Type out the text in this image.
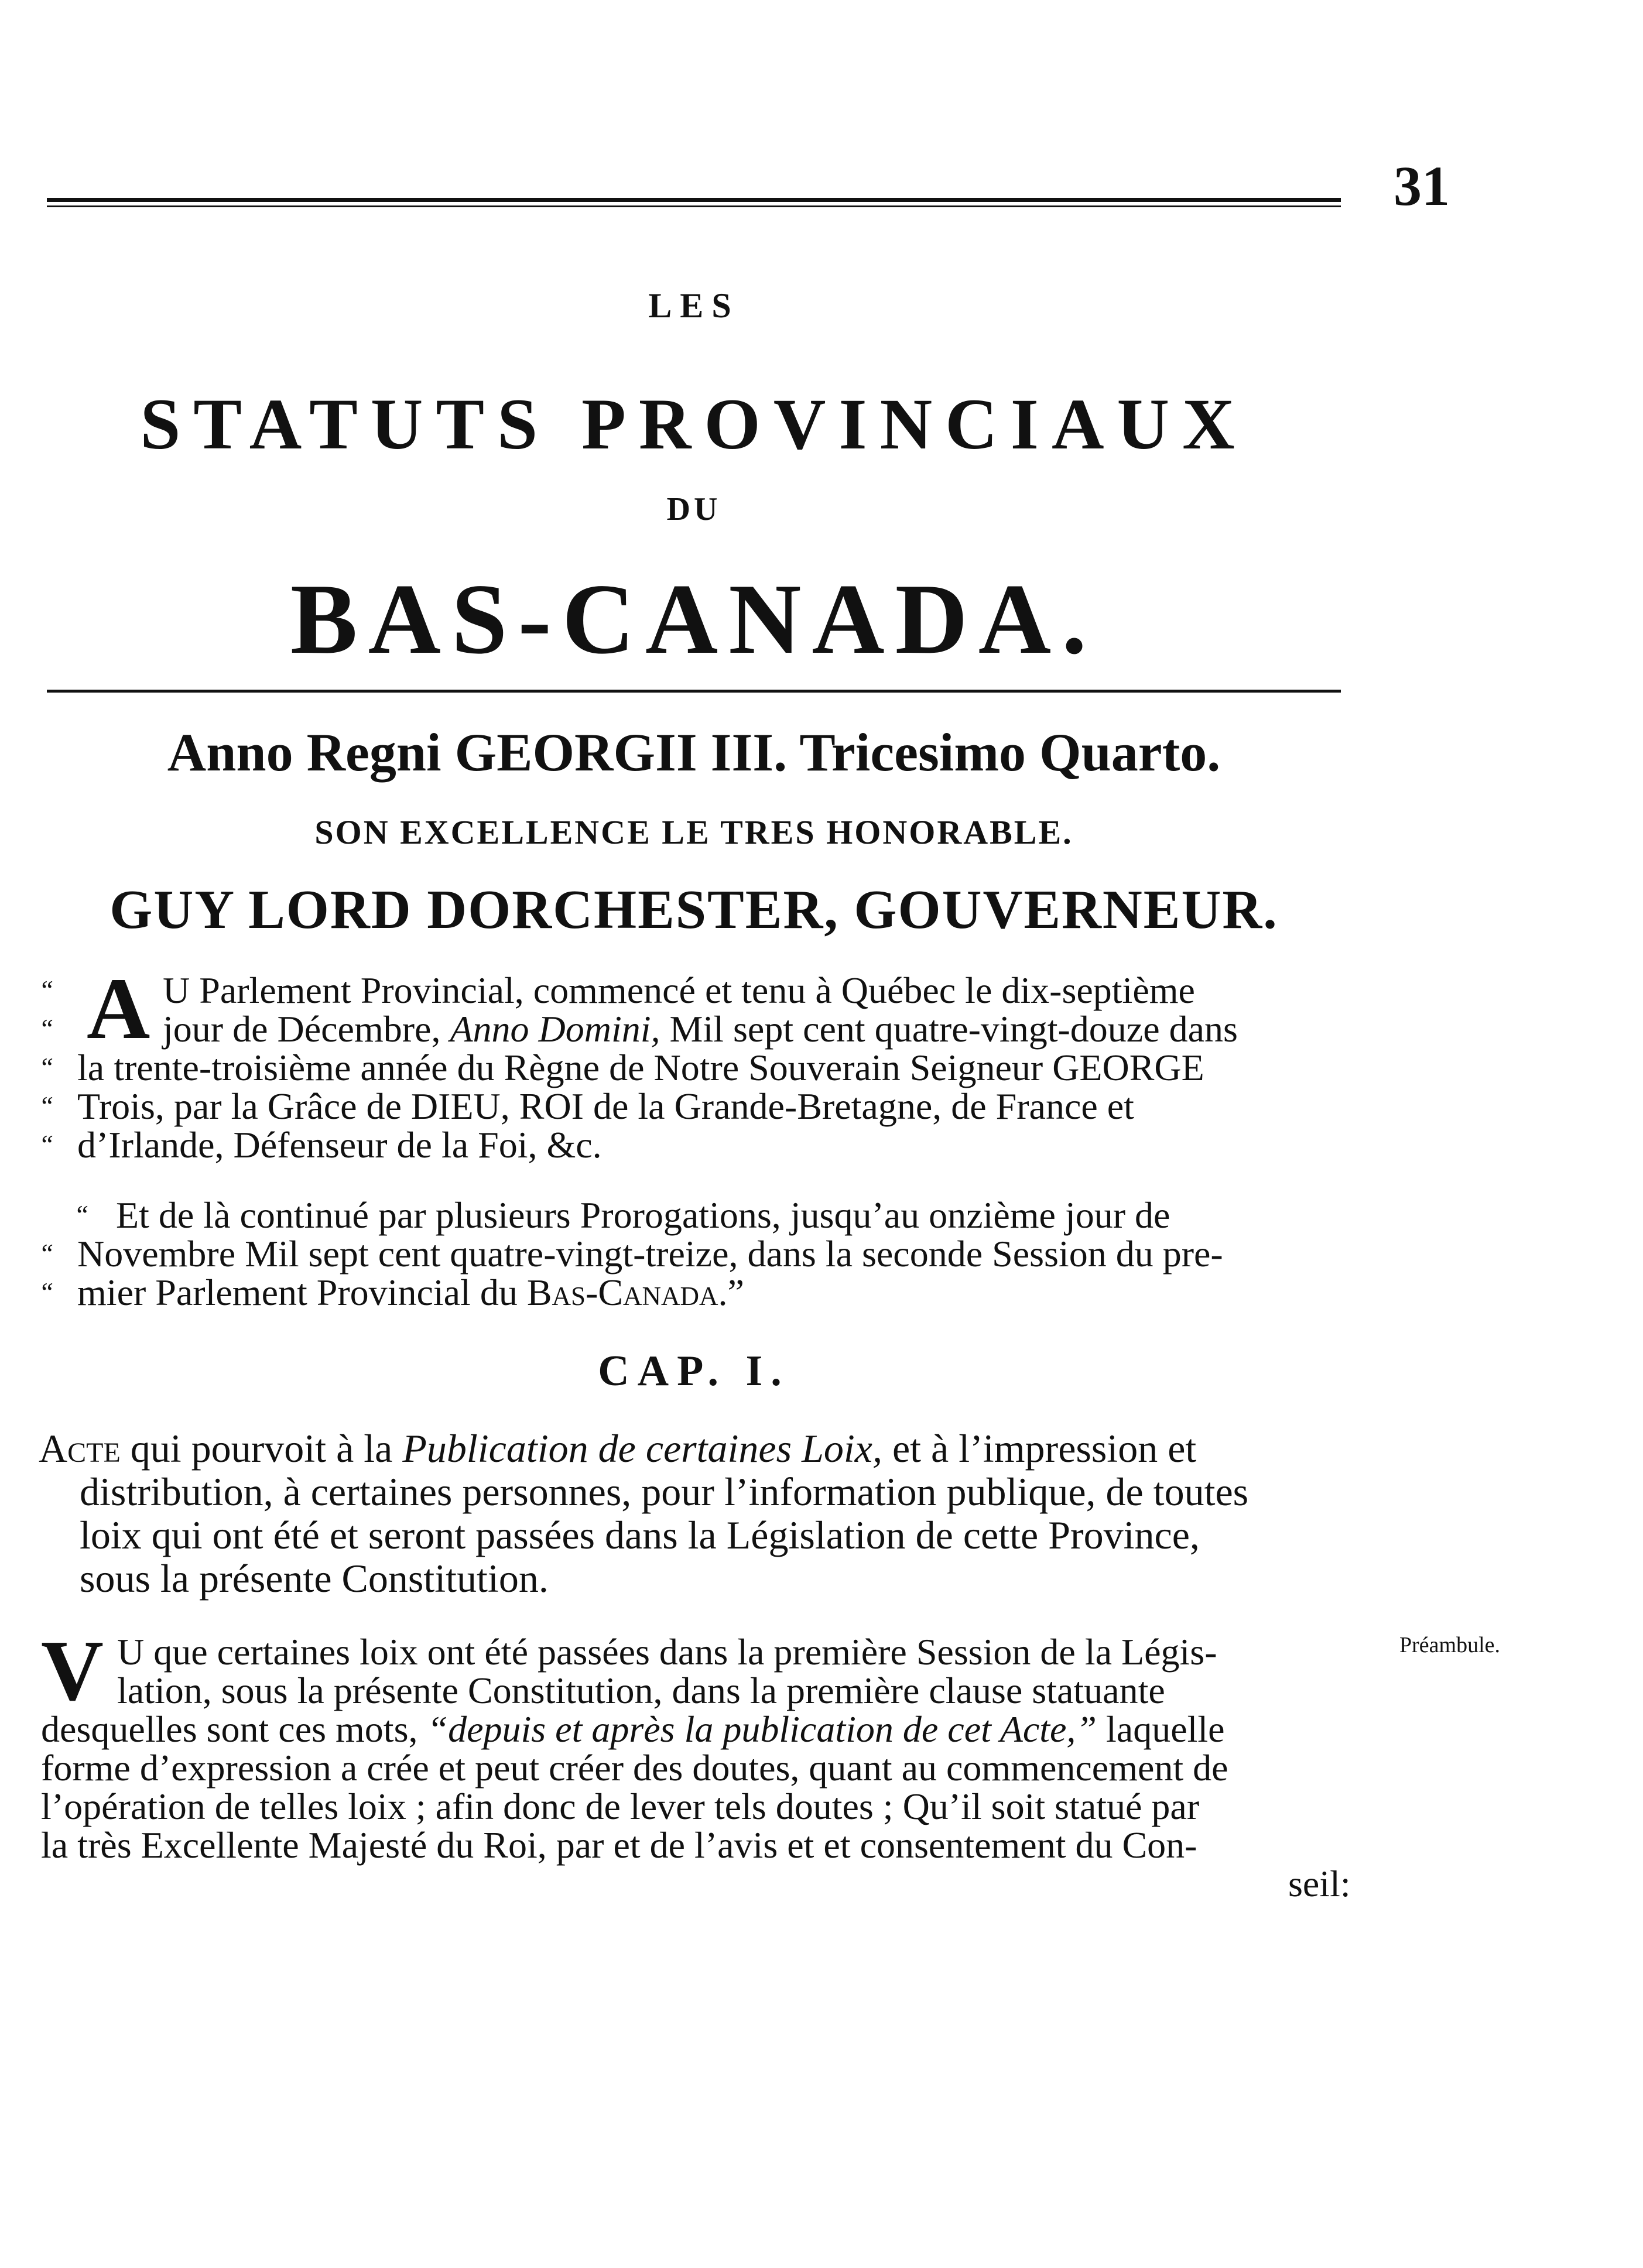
31
LES
STATUTS PROVINCIAUX
DU
BAS-CANADA.
Anno Regni GEORGII III. Tricesimo Quarto.
SON EXCELLENCE LE TRES HONORABLE.
GUY LORD DORCHESTER, GOUVERNEUR.
“
“
“
“
“
A U Parlement Provincial, commencé et tenu à Québec le dix-septième
jour de Décembre, Anno Domini, Mil sept cent quatre-vingt-douze dans
la trente-troisième année du Règne de Notre Souverain Seigneur GEORGE
Trois, par la Grâce de DIEU, ROI de la Grande-Bretagne, de France et
d’Irlande, Défenseur de la Foi, &c.
“
“
“
Et de là continué par plusieurs Prorogations, jusqu’au onzième jour de
Novembre Mil sept cent quatre-vingt-treize, dans la seconde Session du pre-
mier Parlement Provincial du Bas-Canada.”
CAP. I.
Acte qui pourvoit à la Publication de certaines Loix, et à l’impression et
distribution, à certaines personnes, pour l’information publique, de toutes
loix qui ont été et seront passées dans la Législation de cette Province,
sous la présente Constitution.
Préambule.
V U que certaines loix ont été passées dans la première Session de la Légis-
lation, sous la présente Constitution, dans la première clause statuante
desquelles sont ces mots, “depuis et après la publication de cet Acte,” laquelle
forme d’expression a crée et peut créer des doutes, quant au commencement de
l’opération de telles loix ; afin donc de lever tels doutes ; Qu’il soit statué par
la très Excellente Majesté du Roi, par et de l’avis et et consentement du Con-
seil:
